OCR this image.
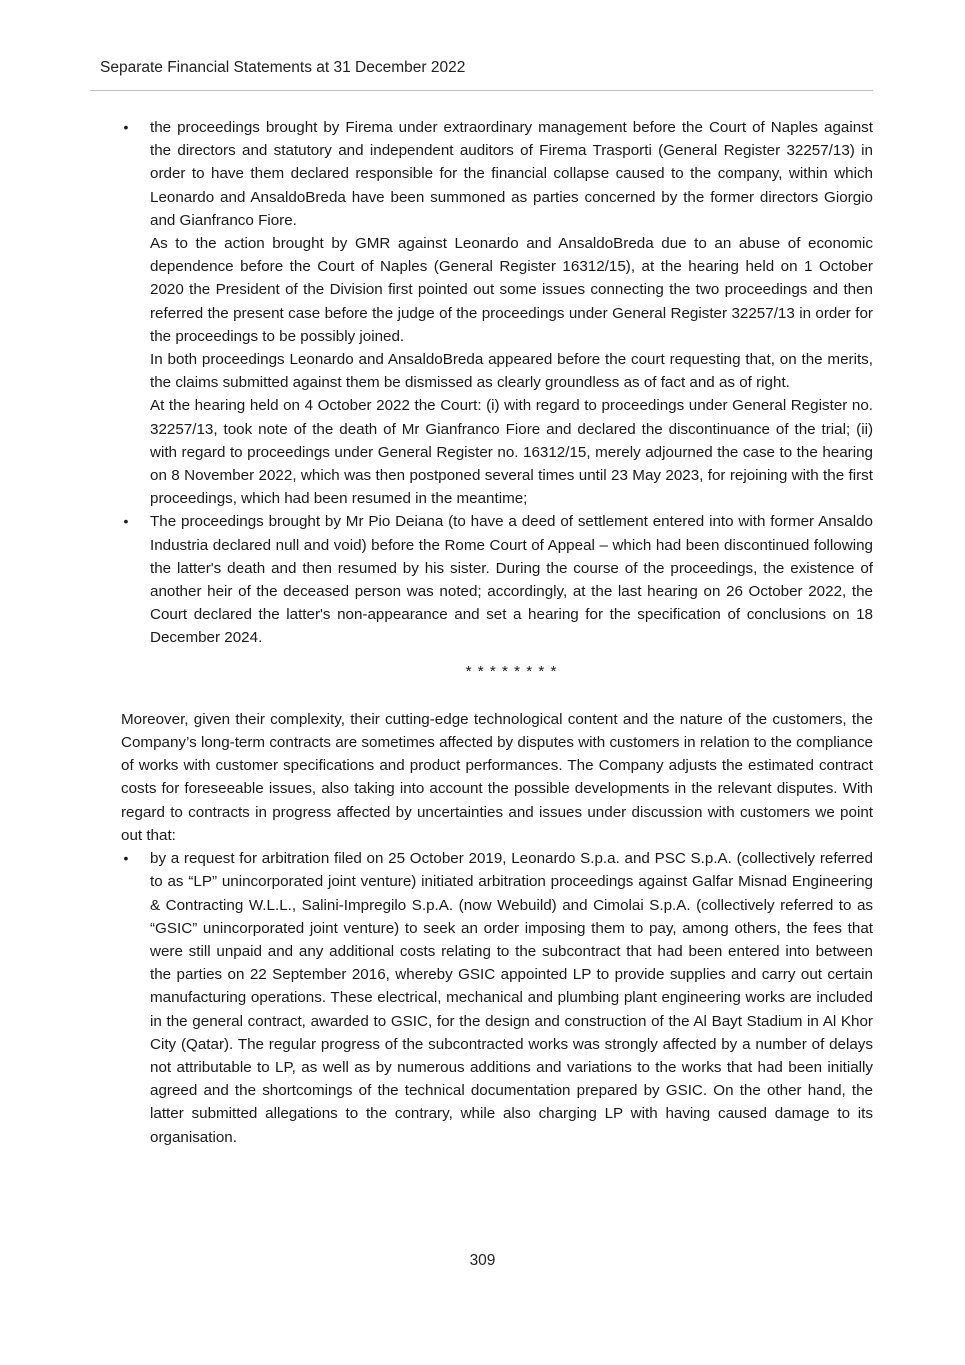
Separate Financial Statements at 31 December 2022
• the proceedings brought by Firema under extraordinary management before the Court of Naples against the directors and statutory and independent auditors of Firema Trasporti (General Register 32257/13) in order to have them declared responsible for the financial collapse caused to the company, within which Leonardo and AnsaldoBreda have been summoned as parties concerned by the former directors Giorgio and Gianfranco Fiore.

As to the action brought by GMR against Leonardo and AnsaldoBreda due to an abuse of economic dependence before the Court of Naples (General Register 16312/15), at the hearing held on 1 October 2020 the President of the Division first pointed out some issues connecting the two proceedings and then referred the present case before the judge of the proceedings under General Register 32257/13 in order for the proceedings to be possibly joined.

In both proceedings Leonardo and AnsaldoBreda appeared before the court requesting that, on the merits, the claims submitted against them be dismissed as clearly groundless as of fact and as of right.

At the hearing held on 4 October 2022 the Court: (i) with regard to proceedings under General Register no. 32257/13, took note of the death of Mr Gianfranco Fiore and declared the discontinuance of the trial; (ii) with regard to proceedings under General Register no. 16312/15, merely adjourned the case to the hearing on 8 November 2022, which was then postponed several times until 23 May 2023, for rejoining with the first proceedings, which had been resumed in the meantime;

• The proceedings brought by Mr Pio Deiana (to have a deed of settlement entered into with former Ansaldo Industria declared null and void) before the Rome Court of Appeal – which had been discontinued following the latter's death and then resumed by his sister. During the course of the proceedings, the existence of another heir of the deceased person was noted; accordingly, at the last hearing on 26 October 2022, the Court declared the latter's non-appearance and set a hearing for the specification of conclusions on 18 December 2024.

* * * * * * * *

Moreover, given their complexity, their cutting-edge technological content and the nature of the customers, the Company’s long-term contracts are sometimes affected by disputes with customers in relation to the compliance of works with customer specifications and product performances. The Company adjusts the estimated contract costs for foreseeable issues, also taking into account the possible developments in the relevant disputes. With regard to contracts in progress affected by uncertainties and issues under discussion with customers we point out that:

• by a request for arbitration filed on 25 October 2019, Leonardo S.p.a. and PSC S.p.A. (collectively referred to as “LP” unincorporated joint venture) initiated arbitration proceedings against Galfar Misnad Engineering & Contracting W.L.L., Salini-Impregilo S.p.A. (now Webuild) and Cimolai S.p.A. (collectively referred to as “GSIC” unincorporated joint venture) to seek an order imposing them to pay, among others, the fees that were still unpaid and any additional costs relating to the subcontract that had been entered into between the parties on 22 September 2016, whereby GSIC appointed LP to provide supplies and carry out certain manufacturing operations. These electrical, mechanical and plumbing plant engineering works are included in the general contract, awarded to GSIC, for the design and construction of the Al Bayt Stadium in Al Khor City (Qatar). The regular progress of the subcontracted works was strongly affected by a number of delays not attributable to LP, as well as by numerous additions and variations to the works that had been initially agreed and the shortcomings of the technical documentation prepared by GSIC. On the other hand, the latter submitted allegations to the contrary, while also charging LP with having caused damage to its organisation.

309
